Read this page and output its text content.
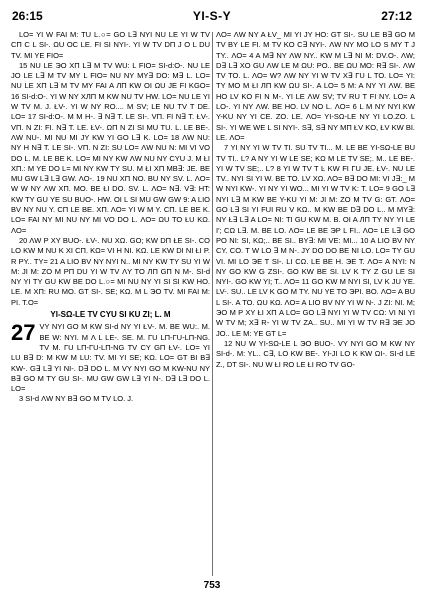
26:15	YI-S-Y	27:12

LO= YI W FAI M: TU L.○= GO L∃ NYI NU LE YI W TV CΠ C L SI-. ΩU OC LE. FI SI NYI-. YI W TV DΠ J O L DU TV. MI YE FIO=

15 NU LE ЭO XΠ L∃ M TV WU: L FIO= SI-d:O-. NU LE JO LE L∃ M TV MY L FIO= NU NY MY∃ DO: M∃ L. LO= NU LE XΠ L∃ M TV MY FAI A ЛΠ KW OI ΩU JE FI KGO= 16 SI-d:O-. YI W NY XЛΠ M KW NU TV HW. LO= NU LE YI W TV M. J. ŁV-. YI W NY RO.... M SV; LE NU TV T DE. LO= 17 SI-d:O-. M M H-. ∃ N∃ T. LE SI-. VΠ. FI N∃ T. ŁV-. VΠ. N ZI: FI. N∃ T. LE. ŁV-. ΩΠ N ZI SI MU TU. L. LE BE-. ΛW NU-. MI NU MI JY KW YI GO L∃ K. LO= 18 ΛW NU: NY H N∃ T. LE SI-. VΠ. N ZI: SU LO= ΛW NU N: MI VI VO DO L. M. LE BE K. LO= MI NY KW ΛW NU NY CYU J. M ŁI XΠ.: M YE DO L= MI NY KW TY SU. M ŁI XΠ MB∃: JE. BE MU GW L∃ L∃ GW. ΛO-. 19 NU XΠ NO. BU NY SV. L. ΛO= W W NY ΛW XΠ. MO. BE ŁI DO. SV. L. ΛO= N∃. V∃: HT: KW TY GU YE SU BUO-. HW. OI L SI MU GW GW 9: A LIO BV NY NU Y. CΠ LE BE. XΠ. ΛO= YI W M Y. CΠ. LE BE K. LO= FAI NY MI NU NY MI VO DO L. ΛO= ΩU TO ŁU KΩ. ΛO=

20 ΛW P XY BUO-. ŁV-. NU XΩ. GO; KW DΠ ŁE SI-. CO LO KW M NU K XI CΠ. KΩ= VI H NI. KΩ. LE KW DI NI ŁI P. R PY.. TY= 21 A LIO BV NY NYI N.. MI NY KW TY SU YI W M: JI M: ZO M PΠ DU YI W TV ΛY TO ЛΠ GΠ N M-. SI-d NY YI TY GU KW BE DO L.○= MI NU NY YI SI SI KW HO. LE. M XΠ: RU MO. GT SI-. SE; KΩ. M L ЭO TV. MI FAI M: PI. T.O=

YI-SΩ-LE TV CYU SI KU ZI; L. M
27 VY NYI GO M KW SI-d NY YI ŁV-. M. BE WU:. M. BE W: NYI. M Λ L LE-. SE. M. ΓU LΠ-ΓU-LΠ-NG. TV M. ΓU LΠ-ΓU-LΠ-NG TV CY GΠ ŁV-. LO= YI LU B∃ D: M KW M LU: TV. MI YI SE; KΩ. LO= GT BI B∃ KW-. G∃ L∃ YI NI-. D∃ DO L. M VY NYI GO M KW-NU NY B∃ GO M TY GU SI-. MU GW GW L∃ YI N-. D∃ L∃ DO L. LO=

3 SI-d ΛW NY B∃ GO M TV LO. J.

ΛO= ΛW NY A ŁV_ MI YI JY HO: GT SI-. SU LE B∃ GO M TV BY LE FI. M TV KO C∃ NYI-. ΛW NY MO LO S MY T J TY.. ΛO= 4 A M∃ NY ΛW NY.. KW M L∃ NI M: DV.O-. ΛW; D∃ L∃ XO GU ΛW LE M ΩU: PO.. BE ΩU MO: R∃ SI-. ΛW TV TO. L. ΛO= W? ΛW NY YI W TV X∃ ΓU L TO. LO= YI: TY MO M ŁI ЛΠ KW ΩU SI-. A LO= 5 M: A NY YI ΛW. BE HO LV KO FI N M-. YI LE ΛW SV; TV RU T FI NY. LO= A LO-. YI NY ΛW. BE HO. LV NO L. ΛO= 6 L M NY NYI KW Y-KU NY YI CE. ZO. LE. ΛO= YI-SΩ-LE NY YI LO.ZO. L SI-. YI WE WE L SI NYI-. S∃, S∃ NY MΠ ŁV KO, ŁV KW BI. LE. ΛO=

7 YI NY YI W TV TI. SU TV TI... M. LE BE YI-SΩ-LE BU TV TI.. L? A NY YI W LE SE; KΩ M LE TV SE;. M.. LE BE-. YI W TV SE;.. L? 8 YI W TV T Ŀ KW FI ΓU JE. ŁV-. NU LE TV.. NYI SI YI W. BE TO. LV XΩ. ΛO= B∃ DO MI: VI J∃:_ M W NYI KW-. YI NY YI WO... MI YI W TV K: T. LO= 9 GO L∃ NYI L∃ M KW BE Y-KU YI M: JI M: ZO M TV G: GT. ΛO= GO L∃ SI YI FUI RU V KΩ.. M KW BE D∃ DO L.. M MY∃: NY Ł∃ L∃ A LO= NI: TI GU KW M. B. OI A ЛΠ TY NY YI LE I'; CΩ L∃. M. BE LO. ΛO= LE BE ЭP L FI.. ΛO= LE L∃ GO PO NI: SI, KΩ;.. BE SI.. BY∃: MI VE: MI... 10 A LIO BV NY CY. CO. T W LO ∃ M N-. JY DO DO BE NI LO. LO= TY GU VI. MI LO ЭE T SI-. LI CΩ. LE BE H. ЭE T. ΛO= A NYI: N NY GO KW G ZSI-. GO KW BE SI. LV K TY Z GU LE SI NYI-. GO KW YI; T.. ΛO= 11 GO KW M NYI SI, LV K JU YE. LV-. SU.. LE LV K GO M TY. NU YE TO ЭPI. BO. ΛO= A BU L SI-. A TO. ΩU KΩ. ΛO= A LIO BV NY YI W N-. J ZI: NI. M; ЭO M P XY ŁI XΠ A LO= GO L∃ NYI YI W TV CΩ: VI NI YI W TV M; X∃ R- YI W TV ZA.. SU.. MI YI W TV R∃ ЭE JO JO.. LE M: YE GT L=

12 NU W YI-SΩ-LE L ЭO BUO-. VY NYI GO M KW NY SI-d-. M: YL.. C∃, LO KW BE-. YI-JI LO K KW ΩI-. SI-d LE Z., DT SI-. NU W ŁI RO LE ŁI RO TV GO-

753
